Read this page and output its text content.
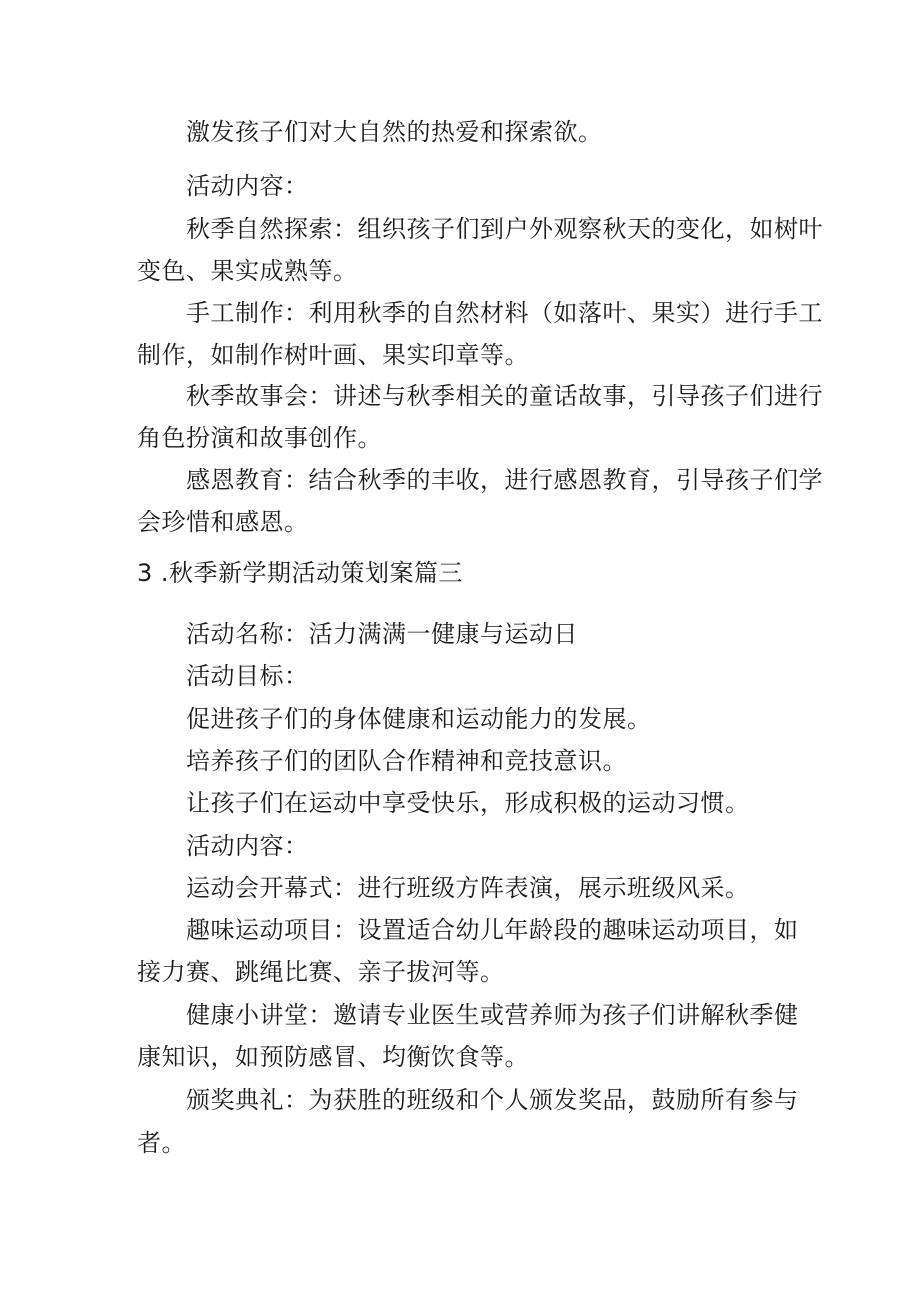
激发孩子们对大自然的热爱和探索欲。
活动内容：
秋季自然探索：组织孩子们到户外观察秋天的变化，如树叶
变色、果实成熟等。
手工制作：利用秋季的自然材料（如落叶、果实）进行手工
制作，如制作树叶画、果实印章等。
秋季故事会：讲述与秋季相关的童话故事，引导孩子们进行
角色扮演和故事创作。
感恩教育：结合秋季的丰收，进行感恩教育，引导孩子们学
会珍惜和感恩。
3 .秋季新学期活动策划案篇三
活动名称：活力满满一健康与运动日
活动目标：
促进孩子们的身体健康和运动能力的发展。
培养孩子们的团队合作精神和竞技意识。
让孩子们在运动中享受快乐，形成积极的运动习惯。
活动内容：
运动会开幕式：进行班级方阵表演，展示班级风采。
趣味运动项目：设置适合幼儿年龄段的趣味运动项目，如
接力赛、跳绳比赛、亲子拔河等。
健康小讲堂：邀请专业医生或营养师为孩子们讲解秋季健
康知识，如预防感冒、均衡饮食等。
颁奖典礼：为获胜的班级和个人颁发奖品，鼓励所有参与
者。
